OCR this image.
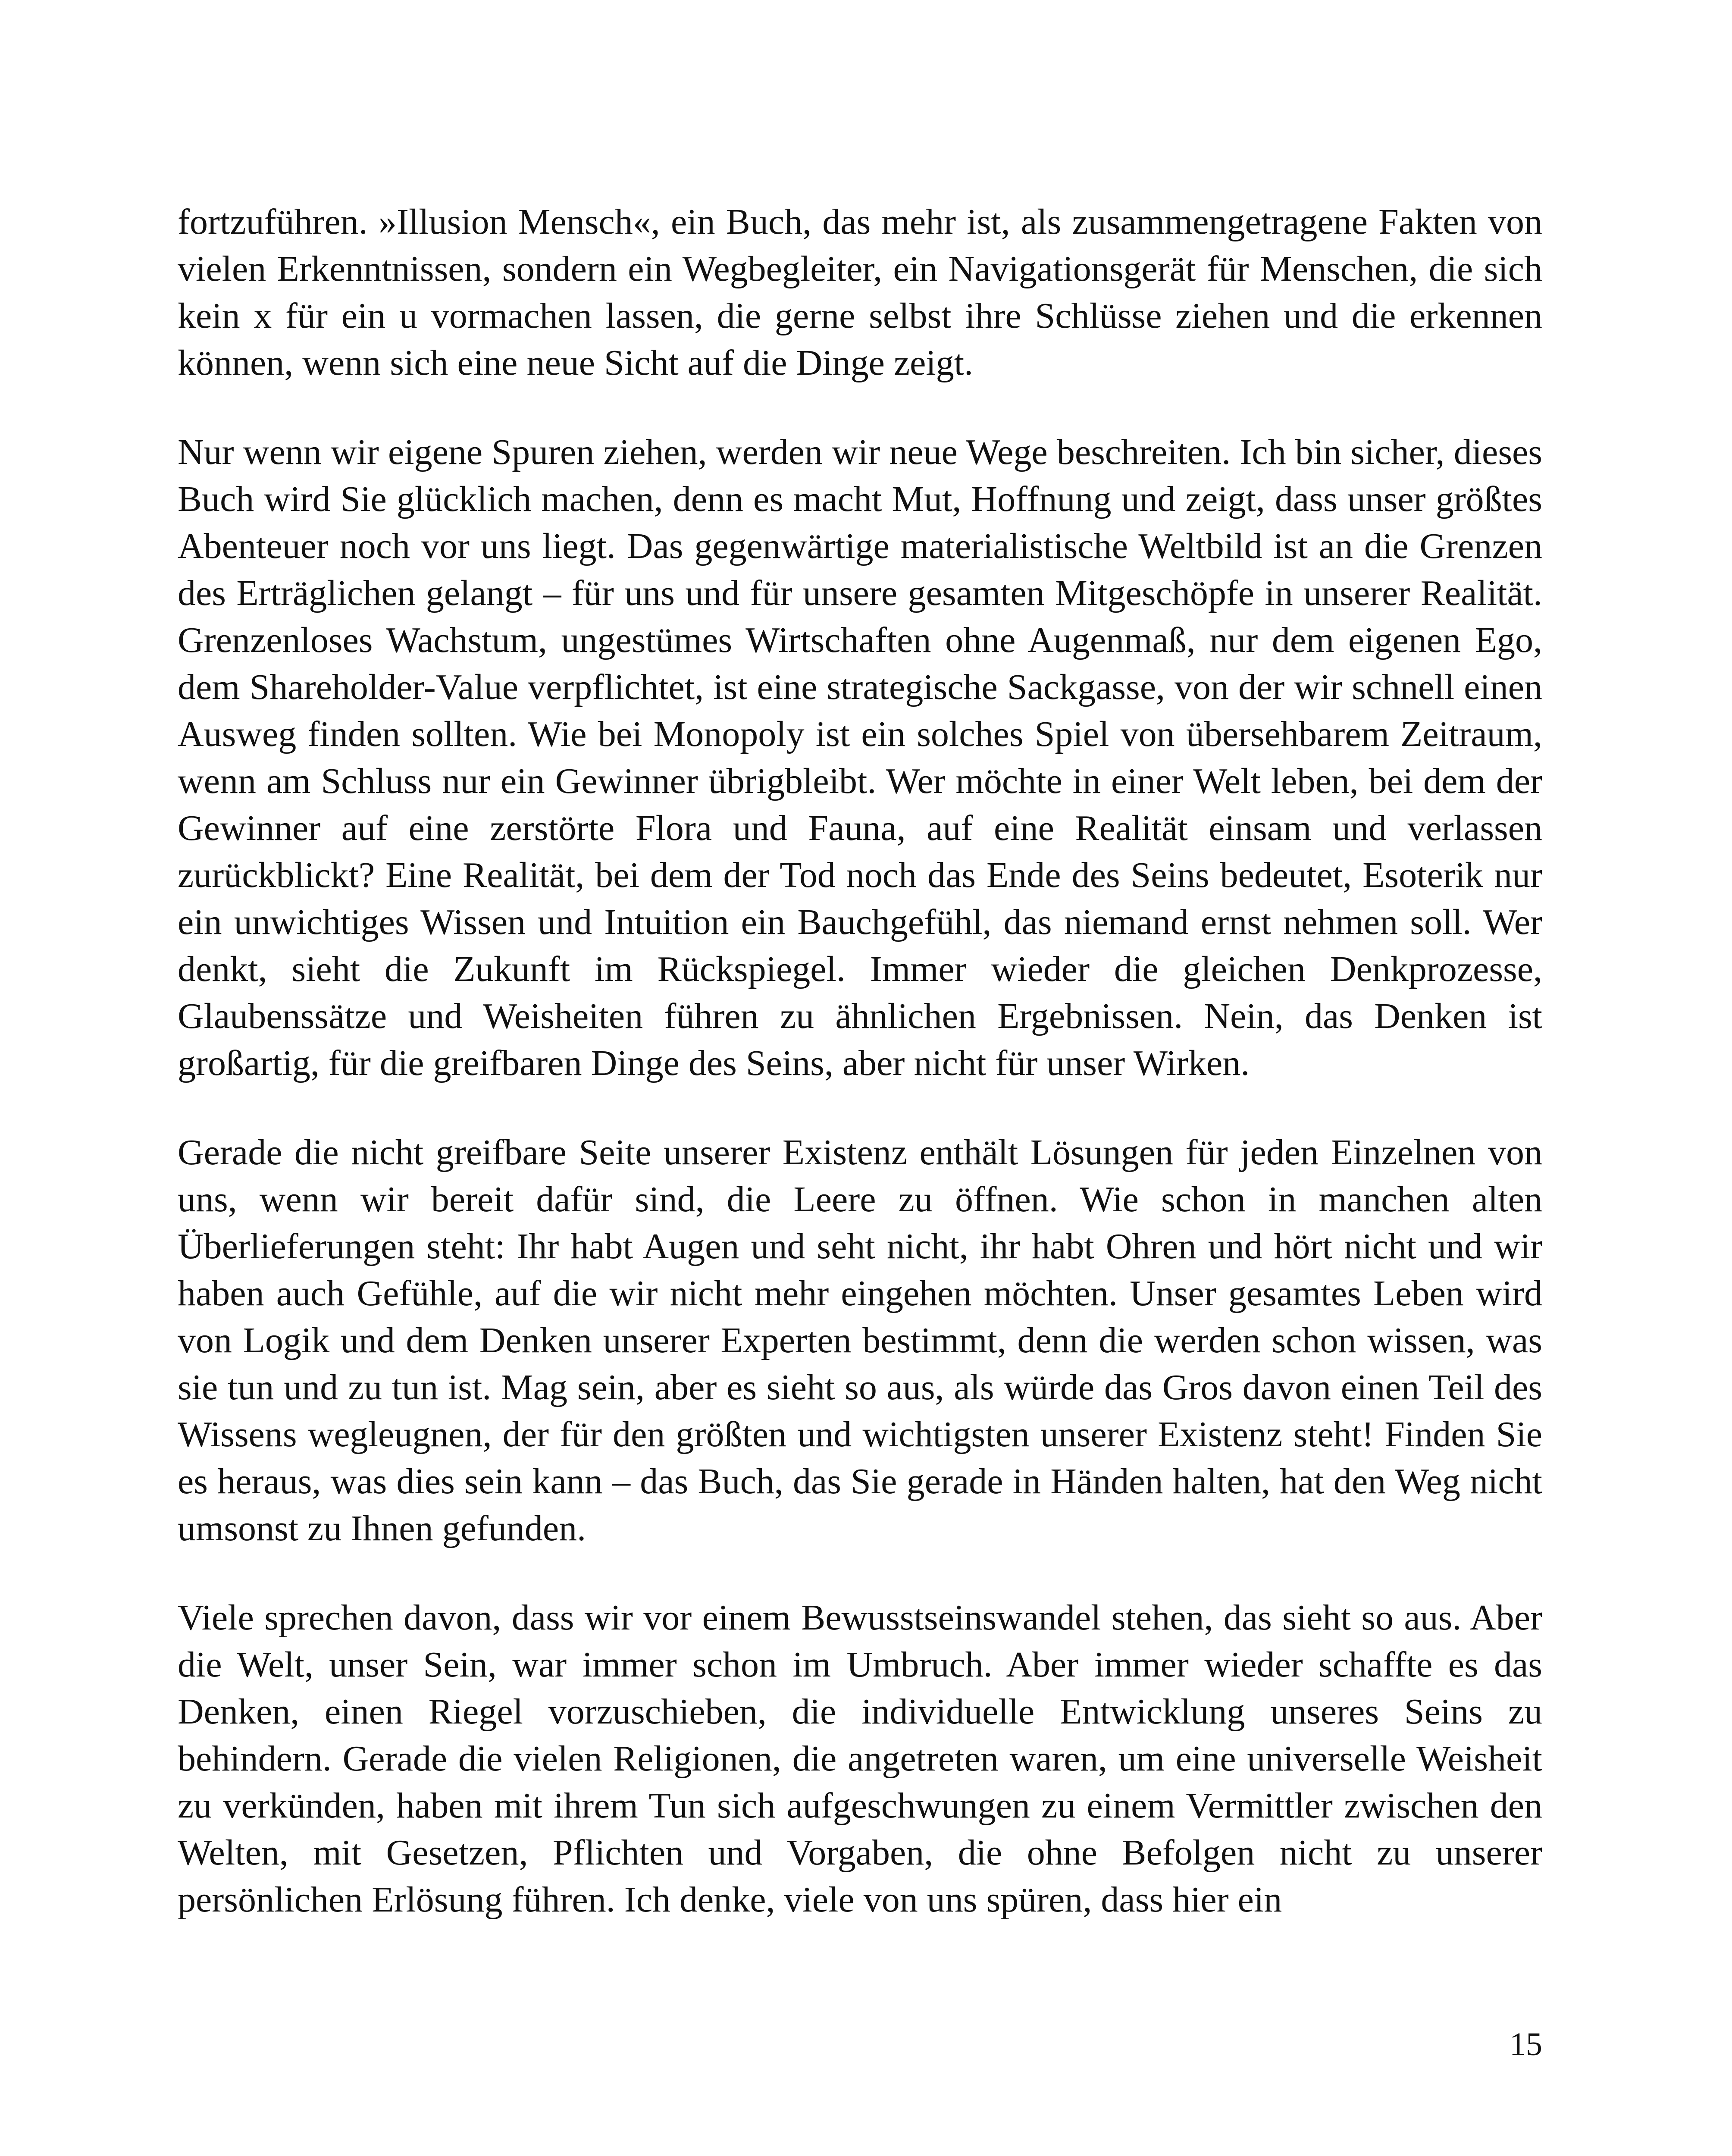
fortzuführen. »Illusion Mensch«, ein Buch, das mehr ist, als zusammengetragene Fakten von vielen Erkenntnissen, sondern ein Wegbegleiter, ein Navigationsgerät für Menschen, die sich kein x für ein u vormachen lassen, die gerne selbst ihre Schlüsse ziehen und die erkennen können, wenn sich eine neue Sicht auf die Dinge zeigt.

Nur wenn wir eigene Spuren ziehen, werden wir neue Wege beschreiten. Ich bin sicher, dieses Buch wird Sie glücklich machen, denn es macht Mut, Hoffnung und zeigt, dass unser größtes Abenteuer noch vor uns liegt. Das gegenwärtige materialistische Weltbild ist an die Grenzen des Erträglichen gelangt – für uns und für unsere gesamten Mitgeschöpfe in unserer Realität. Grenzenloses Wachstum, ungestümes Wirtschaften ohne Augenmaß, nur dem eigenen Ego, dem Shareholder-Value verpflichtet, ist eine strategische Sackgasse, von der wir schnell einen Ausweg finden sollten. Wie bei Monopoly ist ein solches Spiel von übersehbarem Zeitraum, wenn am Schluss nur ein Gewinner übrigbleibt. Wer möchte in einer Welt leben, bei dem der Gewinner auf eine zerstörte Flora und Fauna, auf eine Realität einsam und verlassen zurückblickt? Eine Realität, bei dem der Tod noch das Ende des Seins bedeutet, Esoterik nur ein unwichtiges Wissen und Intuition ein Bauchgefühl, das niemand ernst nehmen soll. Wer denkt, sieht die Zukunft im Rückspiegel. Immer wieder die gleichen Denkprozesse, Glaubenssätze und Weisheiten führen zu ähnlichen Ergebnissen. Nein, das Denken ist großartig, für die greifbaren Dinge des Seins, aber nicht für unser Wirken.

Gerade die nicht greifbare Seite unserer Existenz enthält Lösungen für jeden Einzelnen von uns, wenn wir bereit dafür sind, die Leere zu öffnen. Wie schon in manchen alten Überlieferungen steht: Ihr habt Augen und seht nicht, ihr habt Ohren und hört nicht und wir haben auch Gefühle, auf die wir nicht mehr eingehen möchten. Unser gesamtes Leben wird von Logik und dem Denken unserer Experten bestimmt, denn die werden schon wissen, was sie tun und zu tun ist. Mag sein, aber es sieht so aus, als würde das Gros davon einen Teil des Wissens wegleugnen, der für den größten und wichtigsten unserer Existenz steht! Finden Sie es heraus, was dies sein kann – das Buch, das Sie gerade in Händen halten, hat den Weg nicht umsonst zu Ihnen gefunden.

Viele sprechen davon, dass wir vor einem Bewusstseinswandel stehen, das sieht so aus. Aber die Welt, unser Sein, war immer schon im Umbruch. Aber immer wieder schaffte es das Denken, einen Riegel vorzuschieben, die individuelle Entwicklung unseres Seins zu behindern. Gerade die vielen Religionen, die angetreten waren, um eine universelle Weisheit zu verkünden, haben mit ihrem Tun sich aufgeschwungen zu einem Vermittler zwischen den Welten, mit Gesetzen, Pflichten und Vorgaben, die ohne Befolgen nicht zu unserer persönlichen Erlösung führen. Ich denke, viele von uns spüren, dass hier ein

15
